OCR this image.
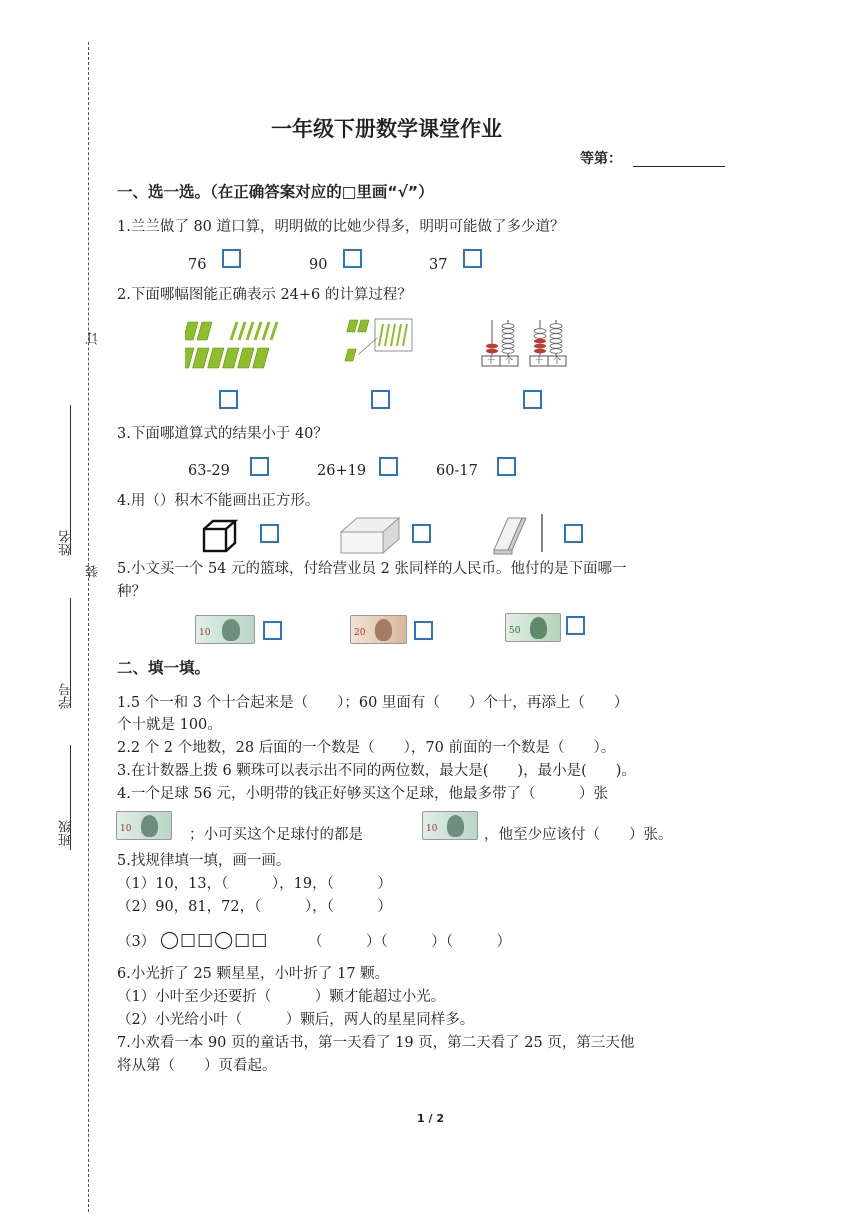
订
装
姓名
学号
班级
一年级下册数学课堂作业
等第：
一、选一选。（在正确答案对应的□里画“√”）
1.兰兰做了 80 道口算，明明做的比她少得多，明明可能做了多少道？
76	90	37
2.下面哪幅图能正确表示 24+6 的计算过程？
十 个	十 个
3.下面哪道算式的结果小于 40？
63-29	26+19	60-17
4.用（）积木不能画出正方形。
5.小文买一个 54 元的篮球，付给营业员 2 张同样的人民币。他付的是下面哪一
种？
10	20	50
二、填一填。
1.5 个一和 3 个十合起来是（　　）；60 里面有（　　）个十，再添上（　　）
个十就是 100。
2.2 个 2 个地数，28 后面的一个数是（　　），70 前面的一个数是（　　）。
3.在计数器上拨 6 颗珠可以表示出不同的两位数，最大是(　　)，最小是(　　)。
4.一个足球 56 元，小明带的钱正好够买这个足球，他最多带了（　　　）张
10	；小可买这个足球付的都是	10	，他至少应该付（　　）张。
5.找规律填一填，画一画。
（1）10，13，（　　　），19，（　　　）
（2）90，81，72，（　　　），（　　　）
（3） ◯□□◯□□	（　　　）（　　　）（　　　）
6.小光折了 25 颗星星，小叶折了 17 颗。
（1）小叶至少还要折（　　　）颗才能超过小光。
（2）小光给小叶（　　　）颗后，两人的星星同样多。
7.小欢看一本 90 页的童话书，第一天看了 19 页，第二天看了 25 页，第三天他
将从第（　　）页看起。
1 / 2
